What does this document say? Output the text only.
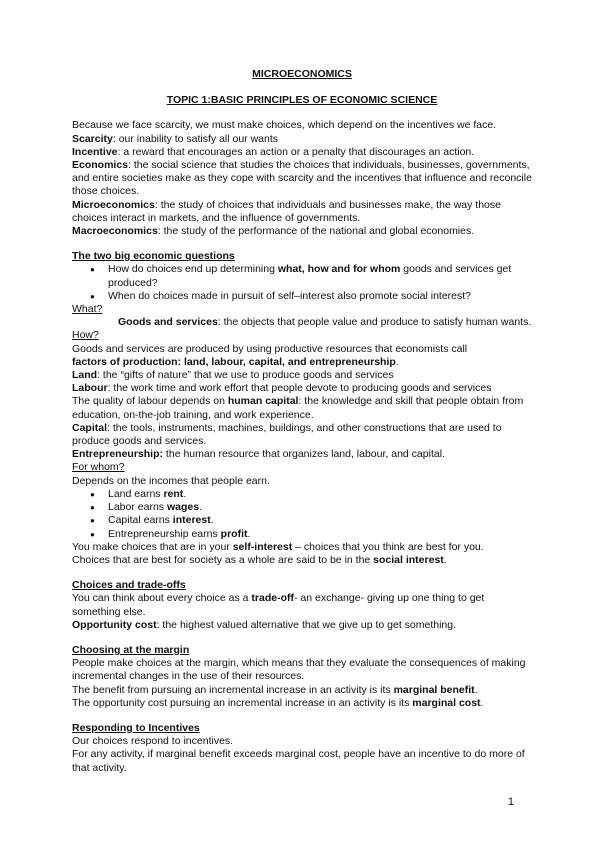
MICROECONOMICS
TOPIC 1:BASIC PRINCIPLES OF ECONOMIC SCIENCE

Because we face scarcity, we must make choices, which depend on the incentives we face.

Scarcity: our inability to satisfy all our wants

Incentive: a reward that encourages an action or a penalty that discourages an action.

Economics: the social science that studies the choices that individuals, businesses, governments, and entire societies make as they cope with scarcity and the incentives that influence and reconcile those choices.

Microeconomics: the study of choices that individuals and businesses make, the way those choices interact in markets, and the influence of governments.

Macroeconomics: the study of the performance of the national and global economies.

The two big economic questions

● How do choices end up determining what, how and for whom goods and services get produced?
● When do choices made in pursuit of self–interest also promote social interest?

What?

Goods and services: the objects that people value and produce to satisfy human wants.

How?

Goods and services are produced by using productive resources that economists call

factors of production: land, labour, capital, and entrepreneurship.

Land: the “gifts of nature” that we use to produce goods and services

Labour: the work time and work effort that people devote to producing goods and services

The quality of labour depends on human capital: the knowledge and skill that people obtain from education, on-the-job training, and work experience.

Capital: the tools, instruments, machines, buildings, and other constructions that are used to produce goods and services.

Entrepreneurship: the human resource that organizes land, labour, and capital.

For whom?

Depends on the incomes that people earn.

● Land earns rent.
● Labor earns wages.
● Capital earns interest.
● Entrepreneurship earns profit.

You make choices that are in your self-interest – choices that you think are best for you.

Choices that are best for society as a whole are said to be in the social interest.

Choices and trade-offs

You can think about every choice as a trade-off- an exchange- giving up one thing to get something else.

Opportunity cost: the highest valued alternative that we give up to get something.

Choosing at the margin

People make choices at the margin, which means that they evaluate the consequences of making incremental changes in the use of their resources.

The benefit from pursuing an incremental increase in an activity is its marginal benefit.

The opportunity cost pursuing an incremental increase in an activity is its marginal cost.

Responding to Incentives

Our choices respond to incentives.

For any activity, if marginal benefit exceeds marginal cost, people have an incentive to do more of that activity.

1
